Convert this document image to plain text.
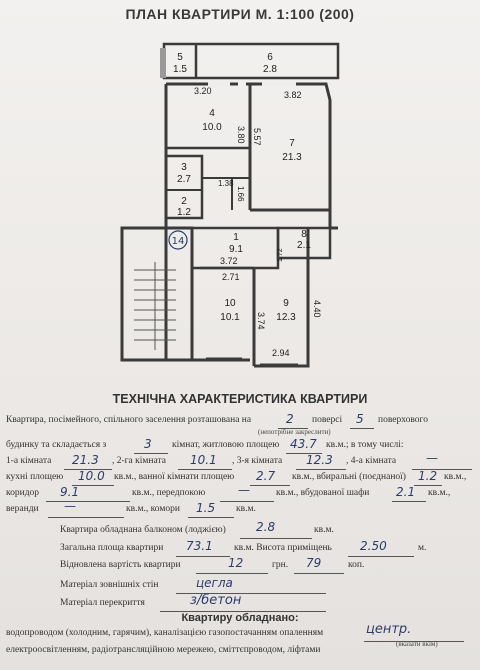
ПЛАН КВАРТИРИ М. 1:100 (200)
14
5
1.5
6
2.8
4
10.0
7
21.3
3
2.7
2
1.2
1
9.1
8
2.1
10
10.1
9
12.3
3.20	3.82
3.80 5.57
1.38
1.66
3.72	1.72
2.71
3.74
4.40
2.94
ТЕХНІЧНА ХАРАКТЕРИСТИКА КВАРТИРИ
Квартира, посімейного, спільного заселення розташована на	2 поверсі 5 поверхового
(непотрібне закреслити)
будинку та складається з	3 кімнат, житловою площею 43.7 кв.м.; в тому числі:
1-а кімната 21.3 , 2-га кімната 10.1 , 3-я кімната 12.3 , 4-а кімната —
кухні площею 10.0 кв.м., ванної кімнати площею 2.7 кв.м., вбиральні (поєднаної) 1.2 кв.м.,
коридор 9.1	кв.м., передпокою	—	кв.м., вбудованої шафи 2.1 кв.м.,
веранди —	кв.м., комори 1.5 кв.м.
Квартира обладнана балконом (лоджією)	2.8	кв.м.
Загальна площа квартири 73.1 кв.м. Висота приміщень 2.50	м.
Відновлена вартість квартири	12	грн. 79	коп.
Матеріал зовнішніх стін	цегла
Матеріал перекриття	з/бетон
Квартиру обладнано:
водопроводом (холодним, гарячим), каналізацією газопостачанням опаленням	центр.
(вказати вкім)
електроосвітленням, радіотрансляційною мережею, сміттєпроводом, ліфтами
